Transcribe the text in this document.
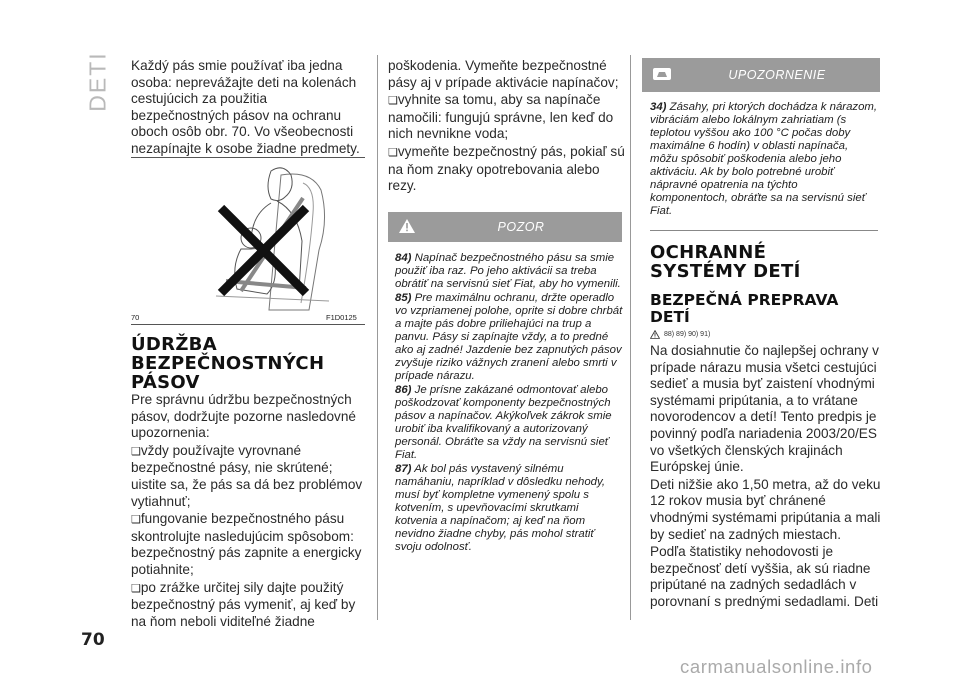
DETI Každý pás smie používať iba jedna osoba: neprevážajte deti na kolenách cestujúcich za použitia bezpečnostných pásov na ochranu oboch osôb obr. 70. Vo všeobecnosti nezapínajte k osobe žiadne predmety.

70	F1D0125
ÚDRŽBA BEZPEČNOSTNÝCH PÁSOV

Pre správnu údržbu bezpečnostných pásov, dodržujte pozorne nasledovné upozornenia:

❑ vždy používajte vyrovnané bezpečnostné pásy, nie skrútené; uistite sa, že pás sa dá bez problémov vytiahnuť;

❑ fungovanie bezpečnostného pásu skontrolujte nasledujúcim spôsobom: bezpečnostný pás zapnite a energicky potiahnite;

❑ po zrážke určitej sily dajte použitý bezpečnostný pás vymeniť, aj keď by na ňom neboli viditeľné žiadne

poškodenia. Vymeňte bezpečnostné pásy aj v prípade aktivácie napínačov;

❑ vyhnite sa tomu, aby sa napínače namočili: fungujú správne, len keď do nich nevnikne voda;

❑ vymeňte bezpečnostný pás, pokiaľ sú na ňom znaky opotrebovania alebo rezy.

POZOR

84) Napínač bezpečnostného pásu sa smie použiť iba raz. Po jeho aktivácii sa treba obrátiť na servisnú sieť Fiat, aby ho vymenili.

85) Pre maximálnu ochranu, držte operadlo vo vzpriamenej polohe, oprite si dobre chrbát a majte pás dobre priliehajúci na trup a panvu. Pásy si zapínajte vždy, a to predné ako aj zadné! Jazdenie bez zapnutých pásov zvyšuje riziko vážnych zranení alebo smrti v prípade nárazu.

86) Je prísne zakázané odmontovať alebo poškodzovať komponenty bezpečnostných pásov a napínačov. Akýkoľvek zákrok smie urobiť iba kvalifikovaný a autorizovaný personál. Obráťte sa vždy na servisnú sieť Fiat.

87) Ak bol pás vystavený silnému namáhaniu, napríklad v dôsledku nehody, musí byť kompletne vymenený spolu s kotvením, s upevňovacími skrutkami kotvenia a napínačom; aj keď na ňom nevidno žiadne chyby, pás mohol stratiť svoju odolnosť.

UPOZORNENIE

34) Zásahy, pri ktorých dochádza k nárazom, vibráciám alebo lokálnym zahriatiam (s teplotou vyššou ako 100 °C počas doby maximálne 6 hodín) v oblasti napínača, môžu spôsobiť poškodenia alebo jeho aktiváciu. Ak by bolo potrebné urobiť nápravné opatrenia na týchto komponentoch, obráťte sa na servisnú sieť Fiat.

OCHRANNÉ SYSTÉMY DETÍ
BEZPEČNÁ PREPRAVA DETÍ
88) 89) 90) 91)

Na dosiahnutie čo najlepšej ochrany v prípade nárazu musia všetci cestujúci sedieť a musia byť zaistení vhodnými systémami pripútania, a to vrátane novorodencov a detí! Tento predpis je povinný podľa nariadenia 2003/20/ES vo všetkých členských krajinách Európskej únie.

Deti nižšie ako 1,50 metra, až do veku 12 rokov musia byť chránené vhodnými systémami pripútania a mali by sedieť na zadných miestach.

Podľa štatistiky nehodovosti je bezpečnosť detí vyššia, ak sú riadne pripútané na zadných sedadlách v porovnaní s prednými sedadlami. Deti

70
carmanualsonline.info
